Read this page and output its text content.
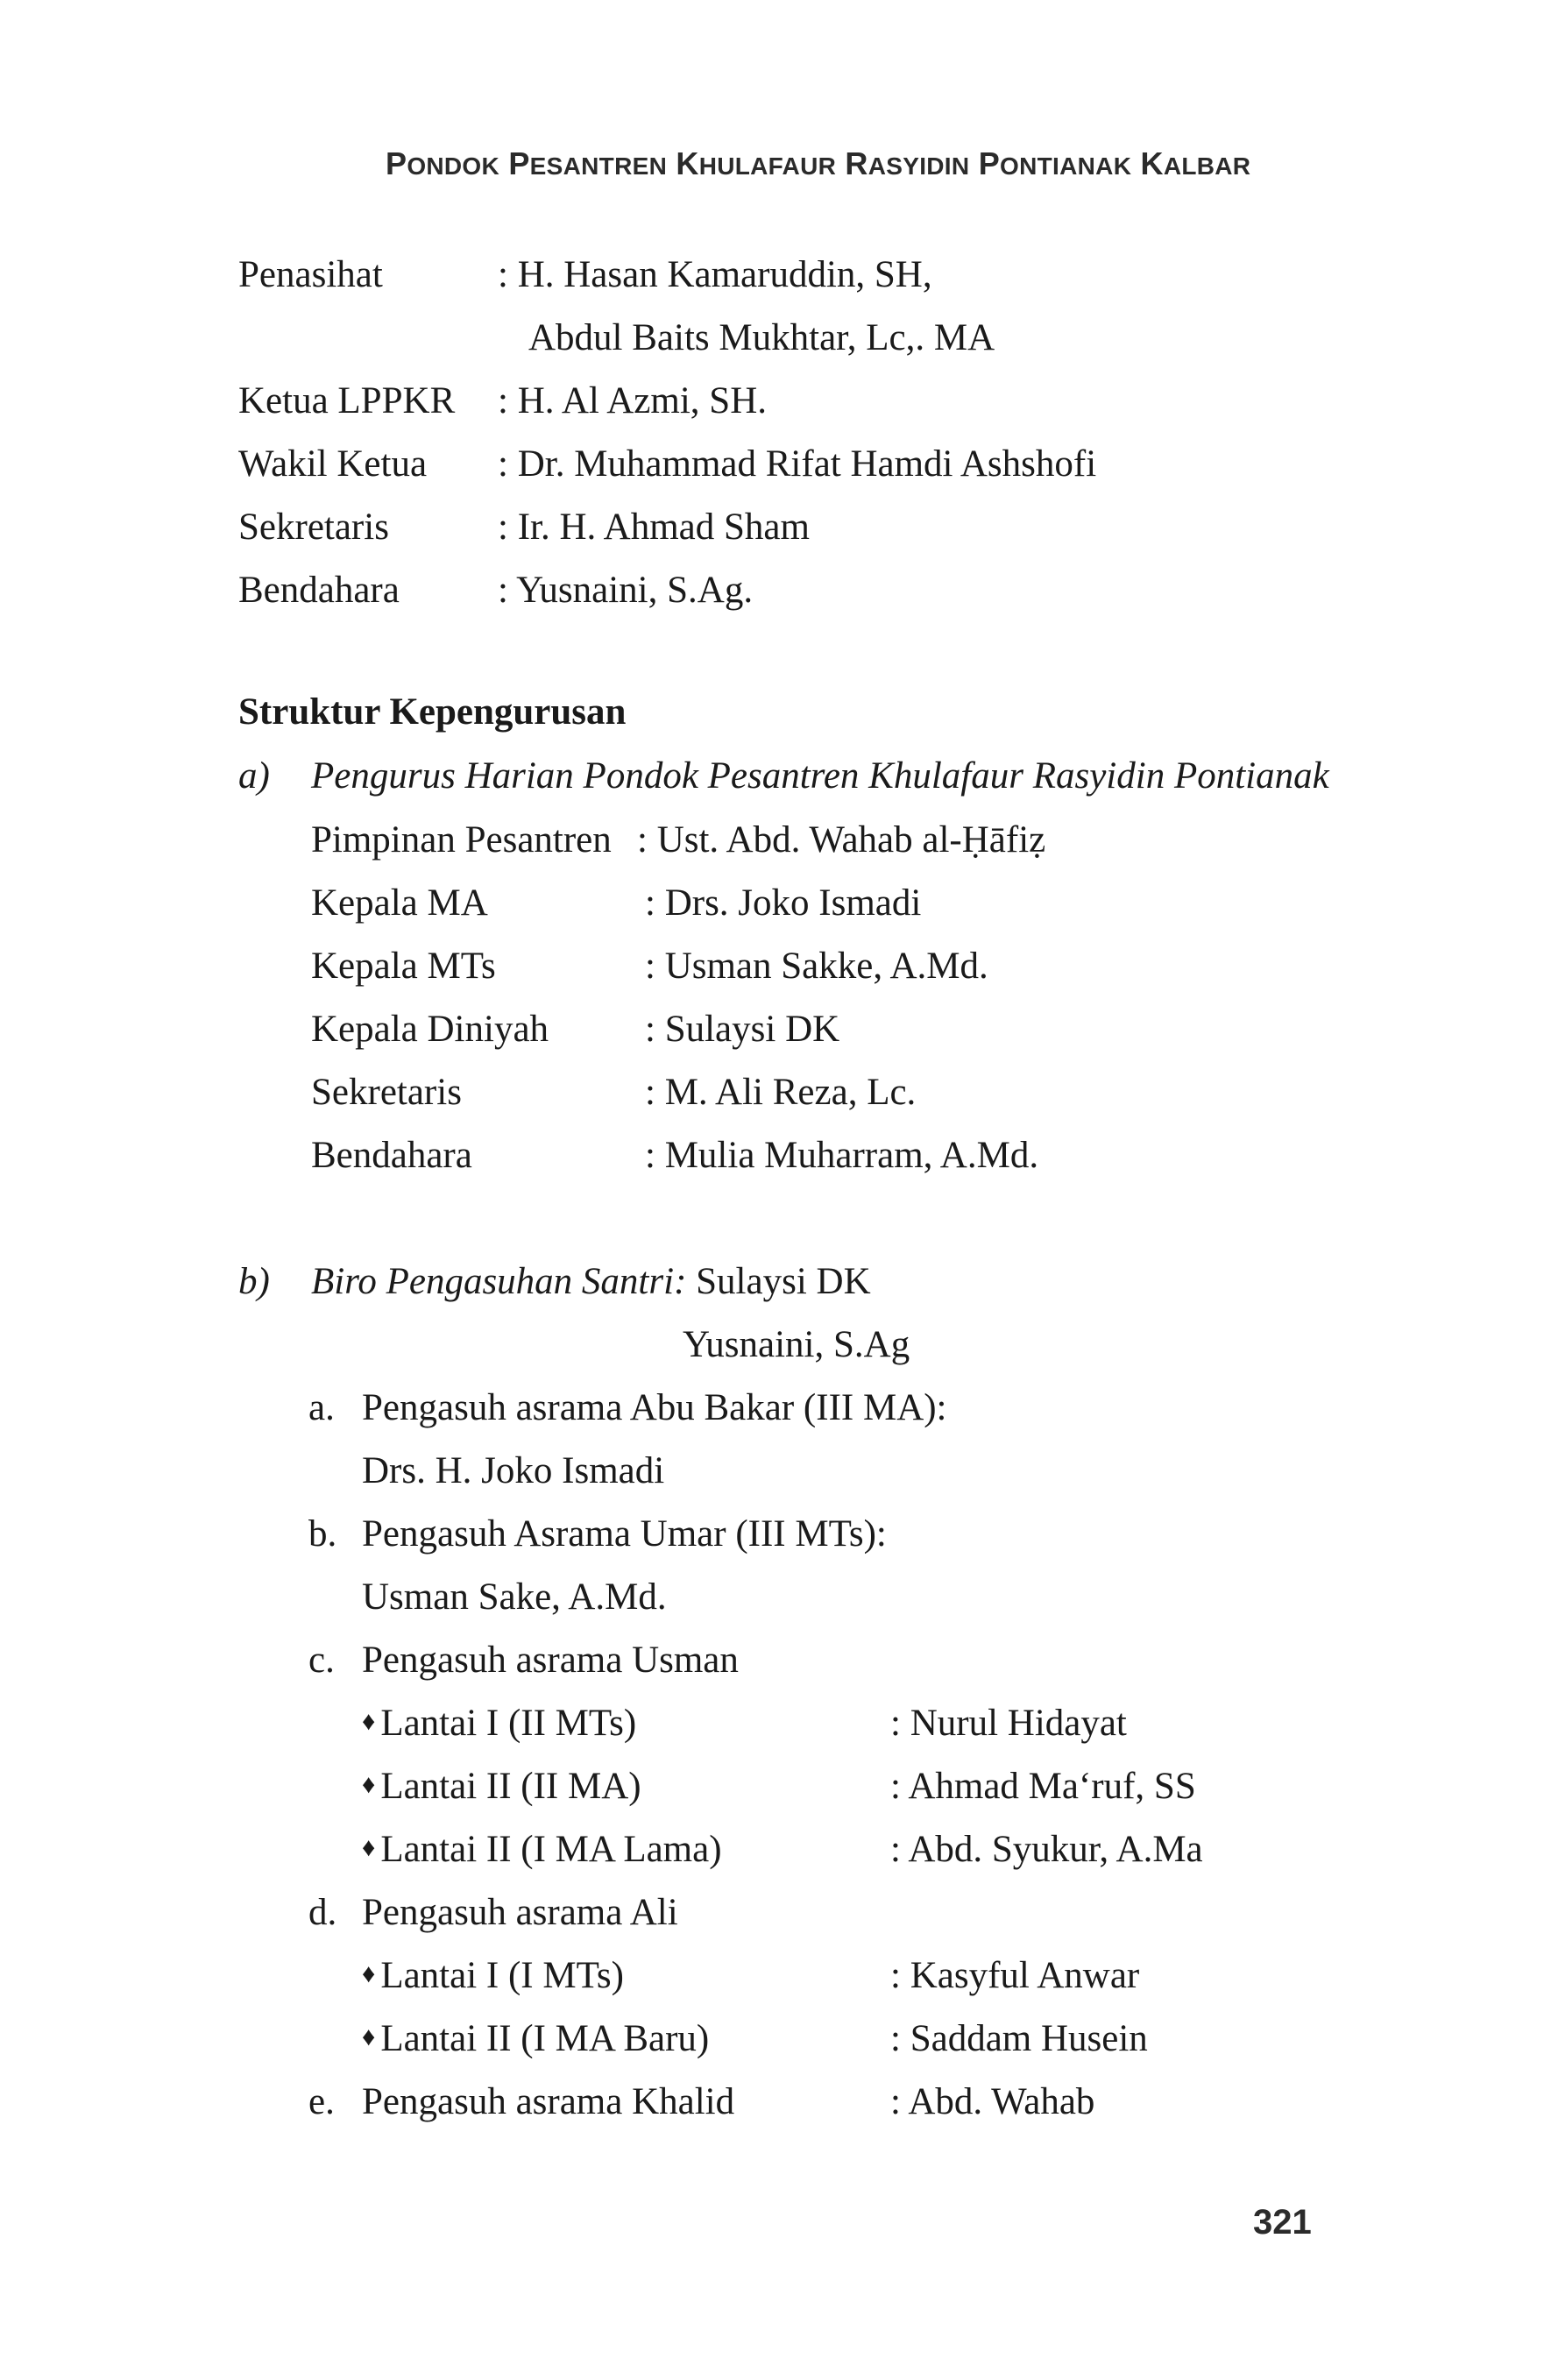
PONDOK PESANTREN KHULAFAUR RASYIDIN PONTIANAK KALBAR
Penasihat	: H. Hasan Kamaruddin, SH,
Abdul Baits Mukhtar, Lc,. MA
Ketua LPPKR : H. Al Azmi, SH.
Wakil Ketua : Dr. Muhammad Rifat Hamdi Ashshofi
Sekretaris	: Ir. H. Ahmad Sham
Bendahara	: Yusnaini, S.Ag.
Struktur Kepengurusan
a) Pengurus Harian Pondok Pesantren Khulafaur Rasyidin Pontianak
Pimpinan Pesantren : Ust. Abd. Wahab al-Ḥāfiẓ
Kepala MA	: Drs. Joko Ismadi
Kepala MTs	: Usman Sakke, A.Md.
Kepala Diniyah	: Sulaysi DK
Sekretaris	: M. Ali Reza, Lc.
Bendahara	: Mulia Muharram, A.Md.
b) Biro Pengasuhan Santri: Sulaysi DK
Yusnaini, S.Ag
a. Pengasuh asrama Abu Bakar (III MA):
Drs. H. Joko Ismadi
b. Pengasuh Asrama Umar (III MTs):
Usman Sake, A.Md.
c. Pengasuh asrama Usman
♦ Lantai I (II MTs)	: Nurul Hidayat
♦ Lantai II (II MA)	: Ahmad Ma‘ruf, SS
♦ Lantai II (I MA Lama)	: Abd. Syukur, A.Ma
d. Pengasuh asrama Ali
♦ Lantai I (I MTs)	: Kasyful Anwar
♦ Lantai II (I MA Baru)	: Saddam Husein
e. Pengasuh asrama Khalid	: Abd. Wahab
321
